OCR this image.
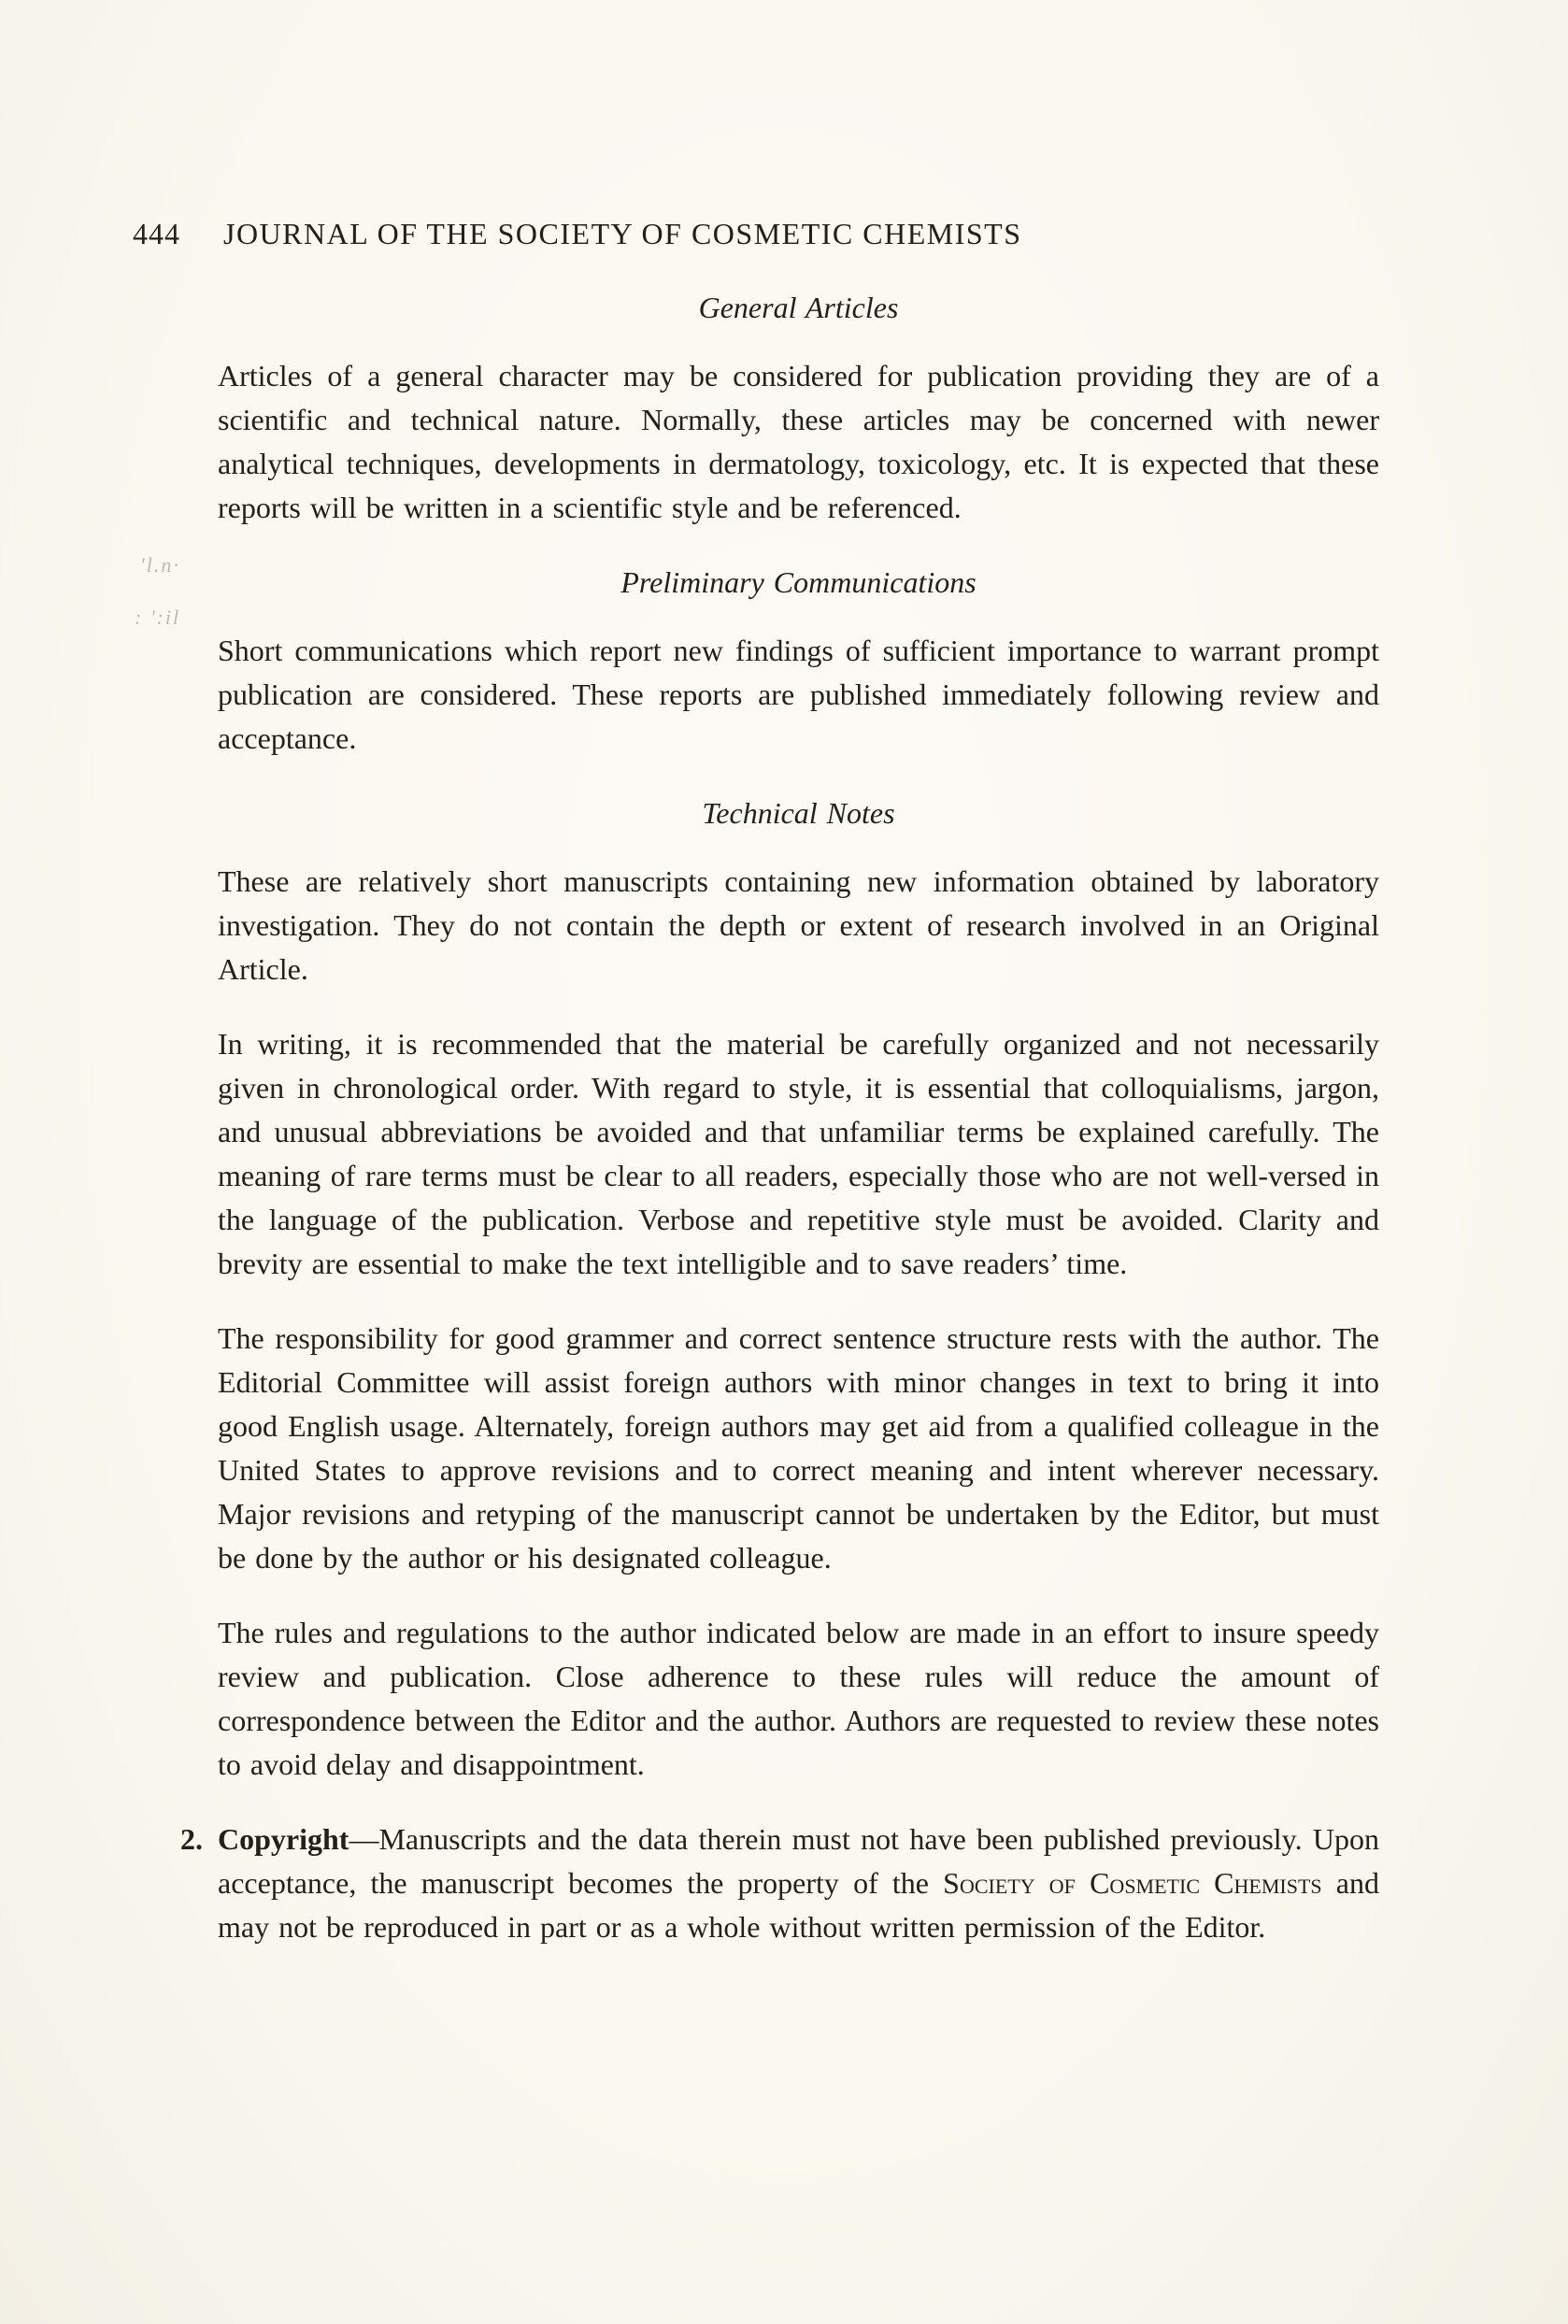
444 JOURNAL OF THE SOCIETY OF COSMETIC CHEMISTS
'l.n·
: ':il
General Articles

Articles of a general character may be considered for publication providing they are of a scientific and technical nature. Normally, these articles may be concerned with newer analytical techniques, developments in dermatology, toxicology, etc. It is expected that these reports will be written in a scientific style and be referenced.

Preliminary Communications

Short communications which report new findings of sufficient importance to warrant prompt publication are considered. These reports are published immediately following review and acceptance.

Technical Notes

These are relatively short manuscripts containing new information obtained by laboratory investigation. They do not contain the depth or extent of research involved in an Original Article.

In writing, it is recommended that the material be carefully organized and not necessarily given in chronological order. With regard to style, it is essential that colloquialisms, jargon, and unusual abbreviations be avoided and that unfamiliar terms be explained carefully. The meaning of rare terms must be clear to all readers, especially those who are not well-versed in the language of the publication. Verbose and repetitive style must be avoided. Clarity and brevity are essential to make the text intelligible and to save readers’ time.

The responsibility for good grammer and correct sentence structure rests with the author. The Editorial Committee will assist foreign authors with minor changes in text to bring it into good English usage. Alternately, foreign authors may get aid from a qualified colleague in the United States to approve revisions and to correct meaning and intent wherever necessary. Major revisions and retyping of the manuscript cannot be undertaken by the Editor, but must be done by the author or his designated colleague.

The rules and regulations to the author indicated below are made in an effort to insure speedy review and publication. Close adherence to these rules will reduce the amount of correspondence between the Editor and the author. Authors are requested to review these notes to avoid delay and disappointment.

2. Copyright—Manuscripts and the data therein must not have been published previously. Upon acceptance, the manuscript becomes the property of the Society of Cosmetic Chemists and may not be reproduced in part or as a whole without written permission of the Editor.
